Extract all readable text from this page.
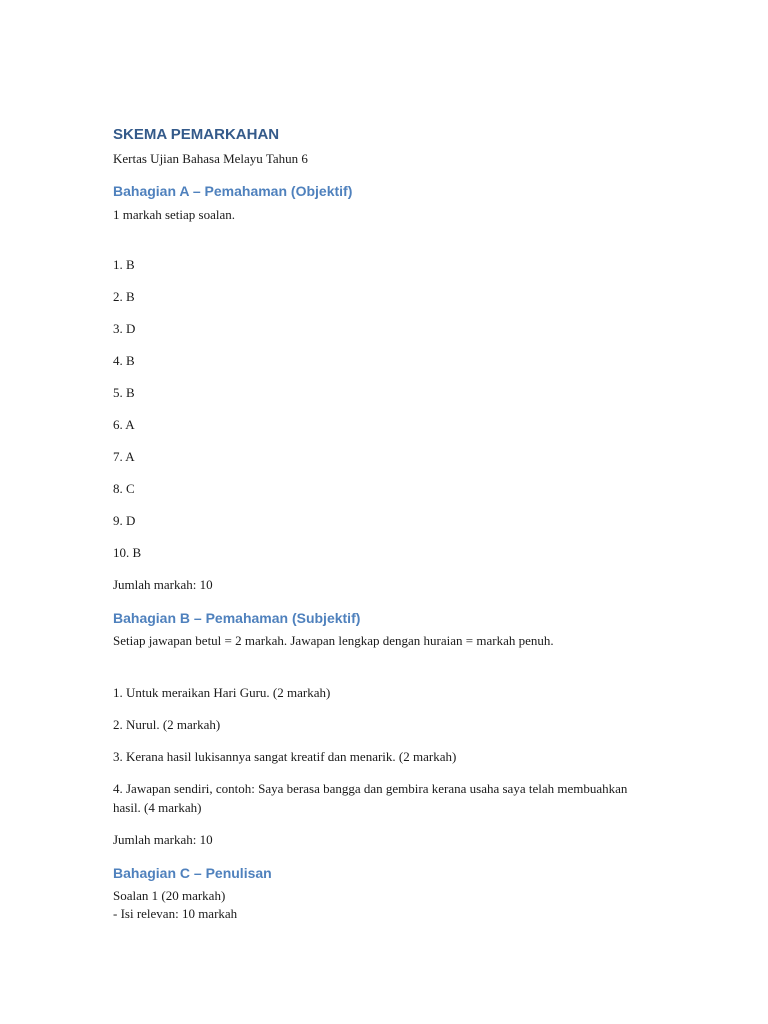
SKEMA PEMARKAHAN
Kertas Ujian Bahasa Melayu Tahun 6
Bahagian A – Pemahaman (Objektif)
1 markah setiap soalan.
1. B
2. B
3. D
4. B
5. B
6. A
7. A
8. C
9. D
10. B
Jumlah markah: 10
Bahagian B – Pemahaman (Subjektif)
Setiap jawapan betul = 2 markah. Jawapan lengkap dengan huraian = markah penuh.
1. Untuk meraikan Hari Guru. (2 markah)
2. Nurul. (2 markah)
3. Kerana hasil lukisannya sangat kreatif dan menarik. (2 markah)
4. Jawapan sendiri, contoh: Saya berasa bangga dan gembira kerana usaha saya telah membuahkan hasil. (4 markah)
Jumlah markah: 10
Bahagian C – Penulisan
Soalan 1 (20 markah)
- Isi relevan: 10 markah
